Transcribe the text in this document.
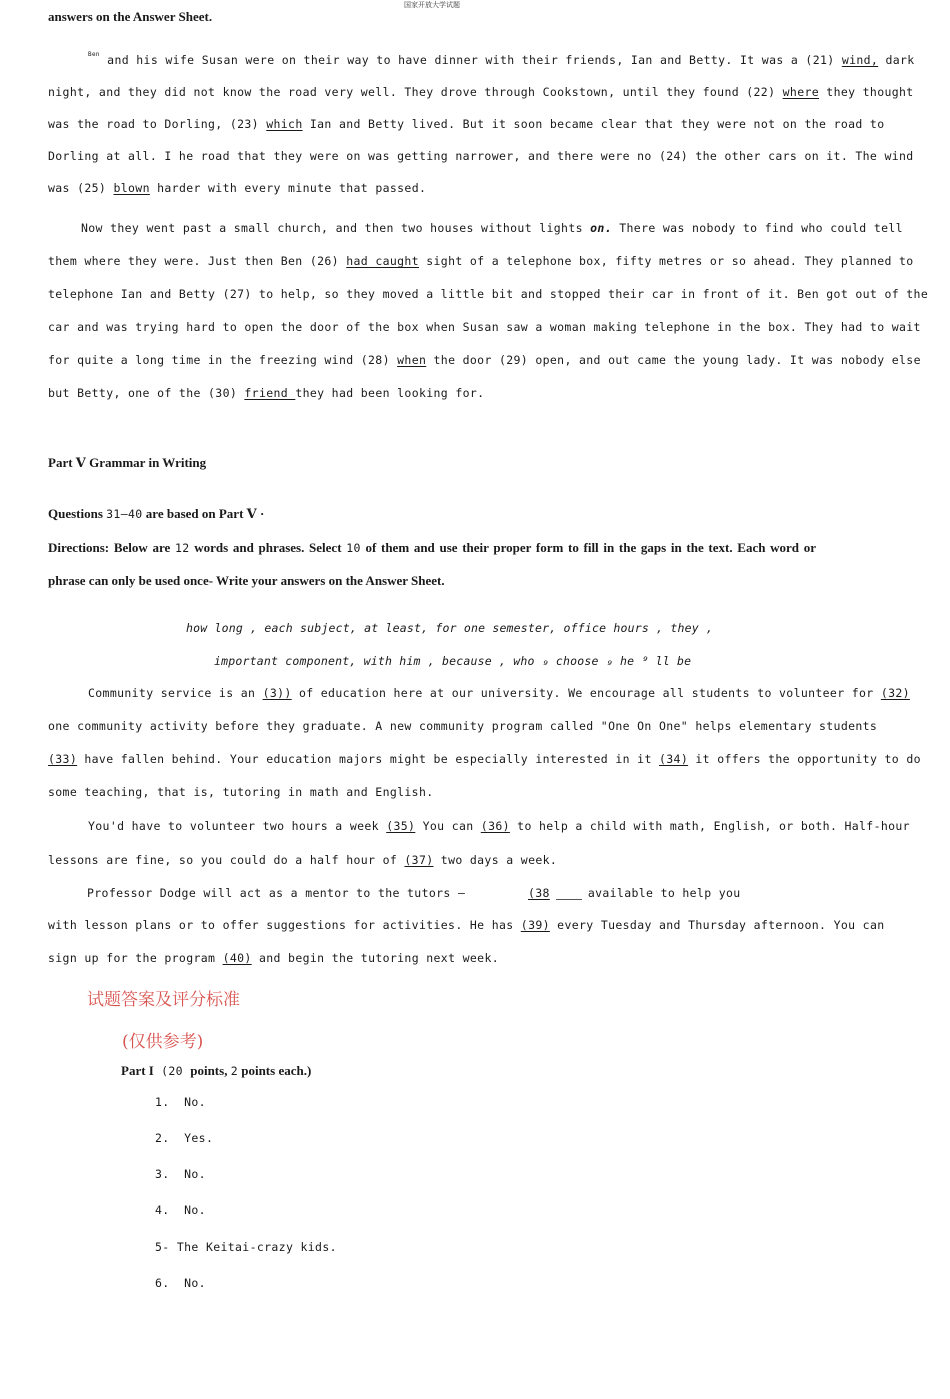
国家开放大学试题
answers on the Answer Sheet.
$^{Ben}$ and his wife Susan were on their way to have dinner with their friends, Ian and Betty. It was a (21) wind, dark
night, and they did not know the road very well. They drove through Cookstown, until they found (22) where they thought
was the road to Dorling, (23) which Ian and Betty lived. But it soon became clear that they were not on the road to
Dorling at all. I he road that they were on was getting narrower, and there were no (24) the other cars on it. The wind
was (25) blown harder with every minute that passed.
Now they went past a small church, and then two houses without lights on. There was nobody to find who could tell
them where they were. Just then Ben (26) had caught sight of a telephone box, fifty metres or so ahead. They planned to
telephone Ian and Betty (27) to help, so they moved a little bit and stopped their car in front of it. Ben got out of the
car and was trying hard to open the door of the box when Susan saw a woman making telephone in the box. They had to wait
for quite a long time in the freezing wind (28) when the door (29) open, and out came the young lady. It was nobody else
but Betty, one of the (30) friend they had been looking for.
Part Ⅴ Grammar in Writing
Questions 31—40 are based on Part Ⅴ ·
Directions: Below are 12 words and phrases. Select 10 of them and use their proper form to fill in the gaps in the text. Each word or
phrase can only be used once- Write your answers on the Answer Sheet.
how long , each subject, at least, for one semester, office hours , they ,
important component, with him , because , who ₉ choose ₉ he ⁹ ll be
Community service is an (3)) of education here at our university. We encourage all students to volunteer for (32)
one community activity before they graduate. A new community program called "One On One" helps elementary students
(33) have fallen behind. Your education majors might be especially interested in it (34) it offers the opportunity to do
some teaching, that is, tutoring in math and English.
You'd have to volunteer two hours a week (35) You can (36) to help a child with math, English, or both. Half-hour
lessons are fine, so you could do a half hour of (37) two days a week.
Professor Dodge will act as a mentor to the tutors —	(38	available to help you
with lesson plans or to offer suggestions for activities. He has (39) every Tuesday and Thursday afternoon. You can
sign up for the program (40) and begin the tutoring next week.
试题答案及评分标准
(仅供参考)
Part I (20 points, 2 points each.)
1. No.
2. Yes.
3. No.
4. No.
5- The Keitai-crazy kids.
6. No.
